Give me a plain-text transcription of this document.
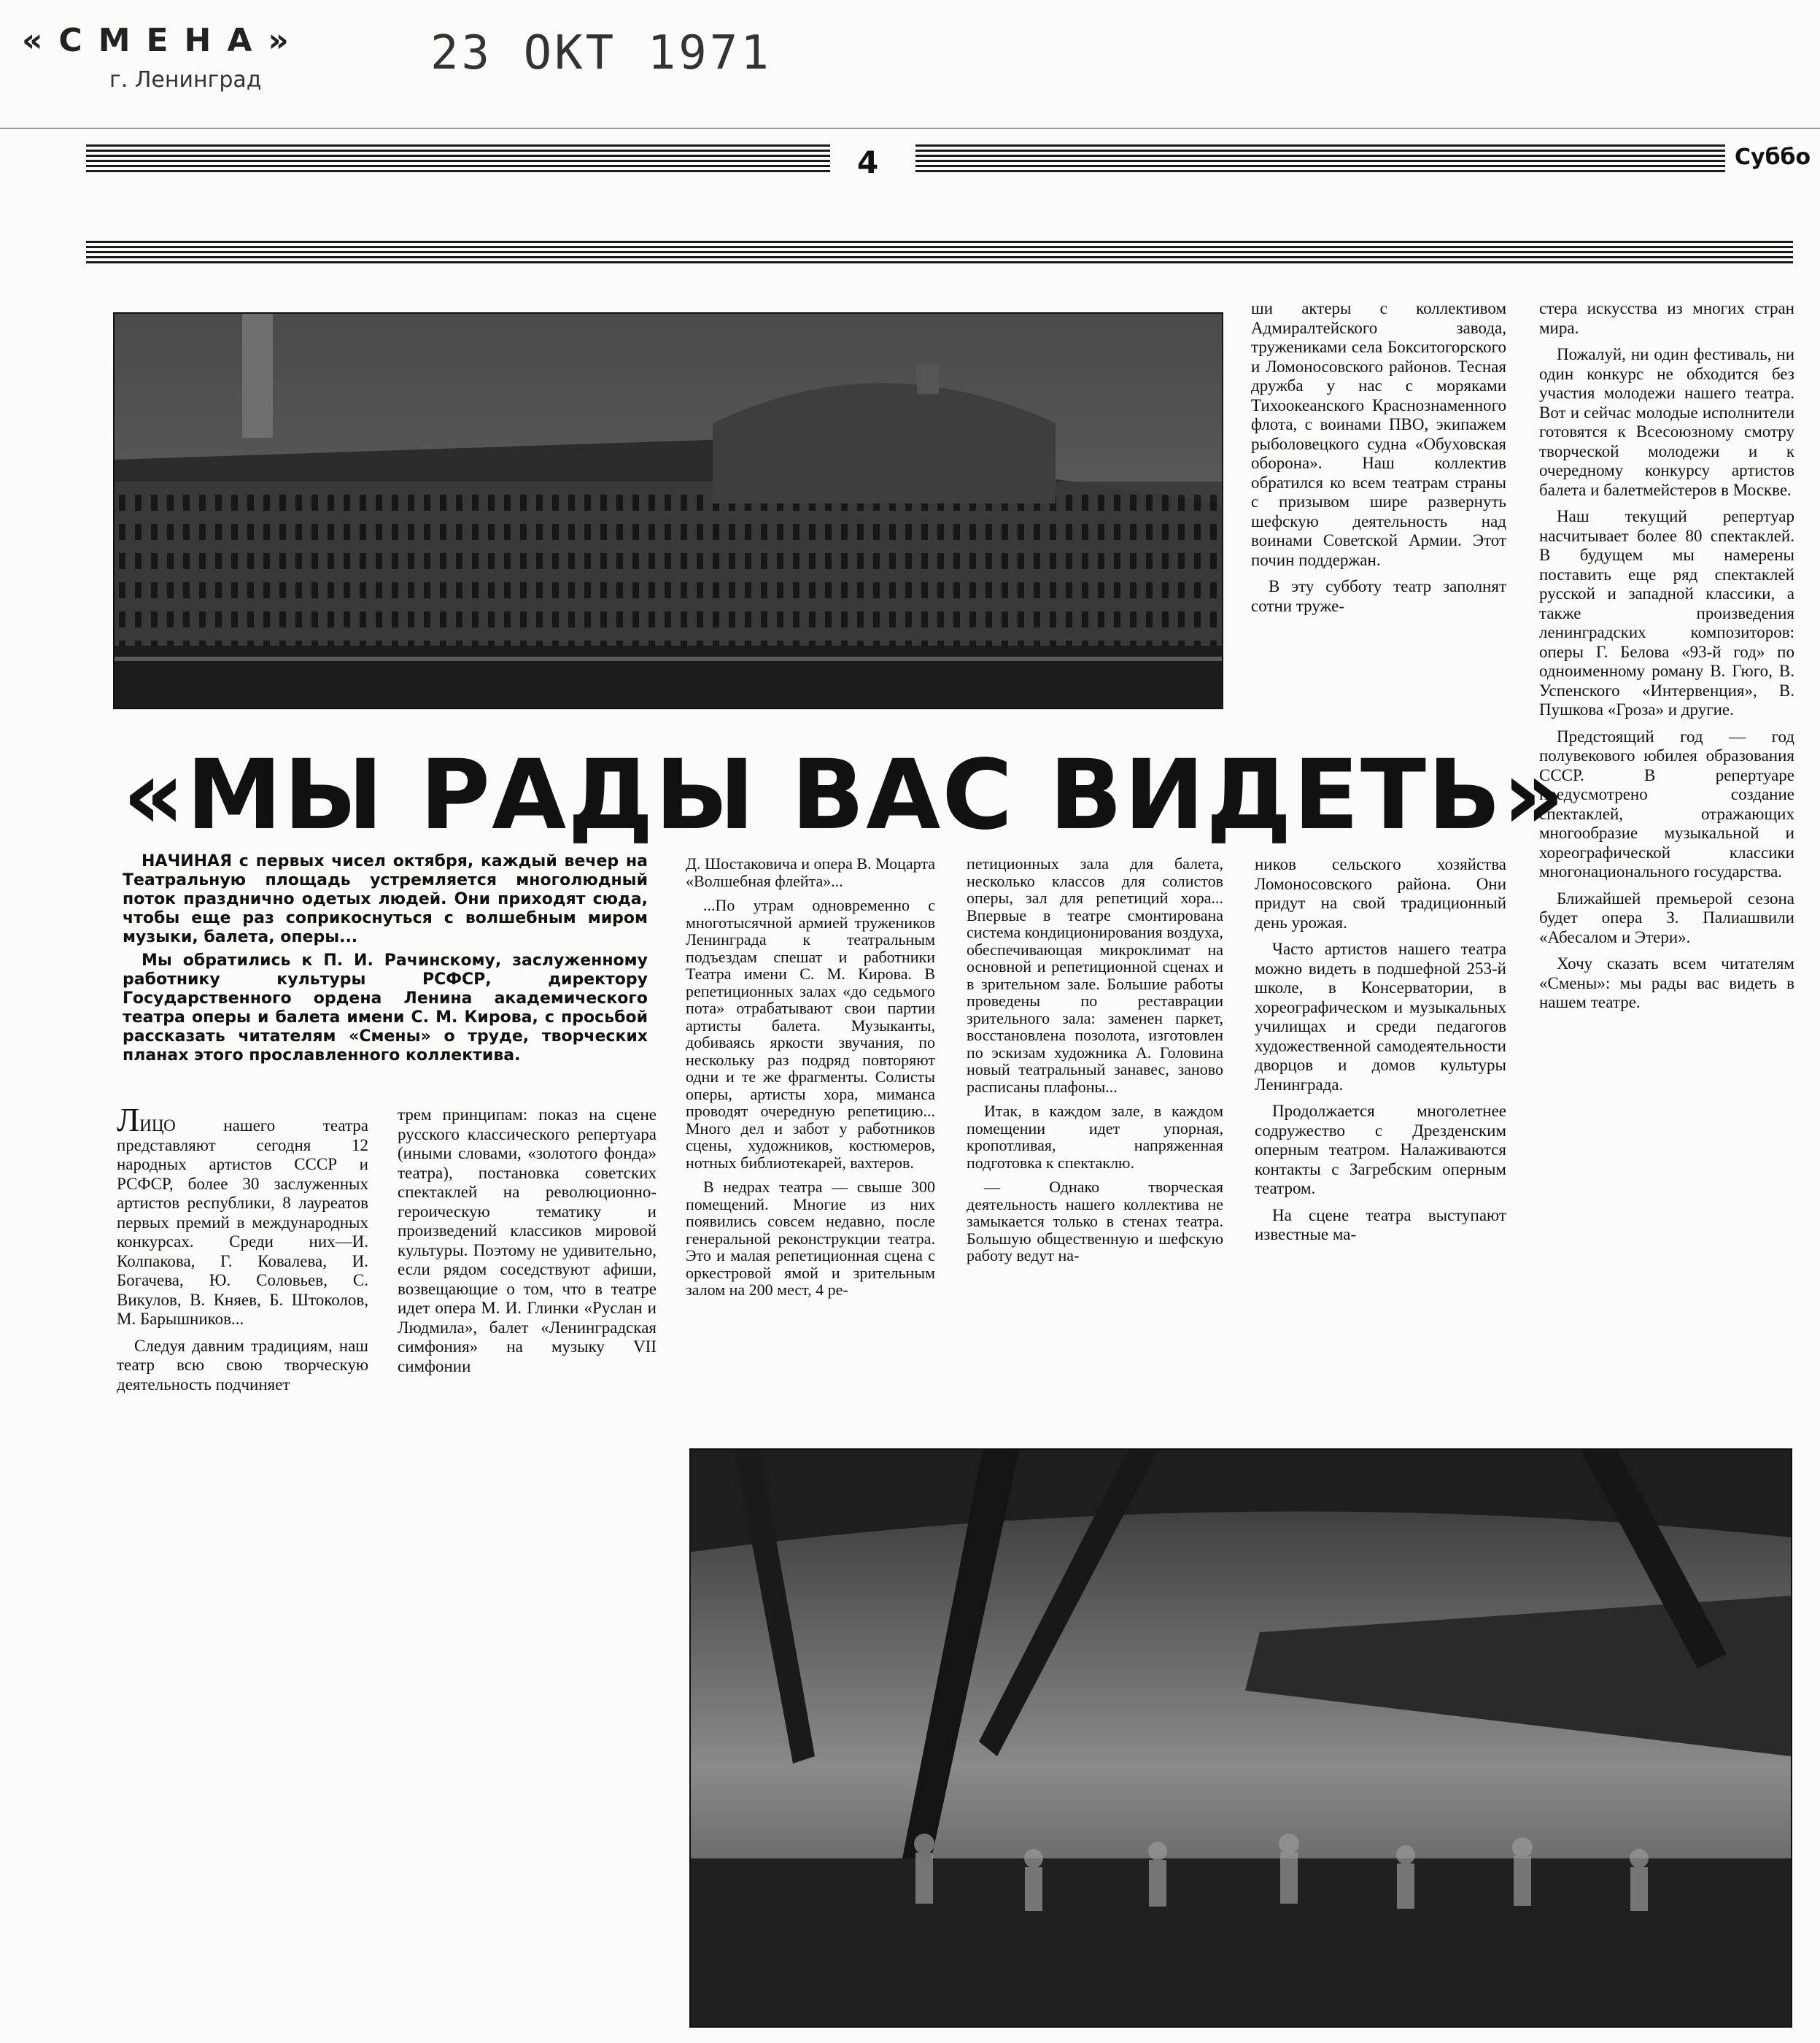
«СМЕНА»
г. Ленинград	23 ОКТ 1971
4	Суббо
«МЫ РАДЫ ВАС ВИДЕТЬ»

НАЧИНАЯ с первых чисел октября, каждый вечер на Театральную площадь устремляется многолюдный поток празднично одетых людей. Они приходят сюда, чтобы еще раз соприкоснуться с волшебным миром музыки, балета, оперы...

Мы обратились к П. И. Рачинскому, заслуженному работнику культуры РСФСР, директору Государственного ордена Ленина академического театра оперы и балета имени С. М. Кирова, с просьбой рассказать читателям «Смены» о труде, творческих планах этого прославленного коллектива.

ЛИЦО нашего театра представляют сегодня 12 народных артистов СССР и РСФСР, более 30 заслуженных артистов республики, 8 лауреатов первых премий в международных конкурсах. Среди них—И. Колпакова, Г. Ковалева, И. Богачева, Ю. Соловьев, С. Викулов, В. Княев, Б. Штоколов, М. Барышников...

Следуя давним традициям, наш театр всю свою творческую деятельность подчиняет

трем принципам: показ на сцене русского классического репертуара (иными словами, «золотого фонда» театра), постановка советских спектаклей на революционно-героическую тематику и произведений классиков мировой культуры. Поэтому не удивительно, если рядом соседствуют афиши, возвещающие о том, что в театре идет опера М. И. Глинки «Руслан и Людмила», балет «Ленинградская симфония» на музыку VII симфонии

Д. Шостаковича и опера В. Моцарта «Волшебная флейта»...

...По утрам одновременно с многотысячной армией тружеников Ленинграда к театральным подъездам спешат и работники Театра имени С. М. Кирова. В репетиционных залах «до седьмого пота» отрабатывают свои партии артисты балета. Музыканты, добиваясь яркости звучания, по нескольку раз подряд повторяют одни и те же фрагменты. Солисты оперы, артисты хора, миманса проводят очередную репетицию... Много дел и забот у работников сцены, художников, костюмеров, нотных библиотекарей, вахтеров.

В недрах театра — свыше 300 помещений. Многие из них появились совсем недавно, после генеральной реконструкции театра. Это и малая репетиционная сцена с оркестровой ямой и зрительным залом на 200 мест, 4 ре-

петиционных зала для балета, несколько классов для солистов оперы, зал для репетиций хора... Впервые в театре смонтирована система кондиционирования воздуха, обеспечивающая микроклимат на основной и репетиционной сценах и в зрительном зале. Большие работы проведены по реставрации зрительного зала: заменен паркет, восстановлена позолота, изготовлен по эскизам художника А. Головина новый театральный занавес, заново расписаны плафоны...

Итак, в каждом зале, в каждом помещении идет упорная, кропотливая, напряженная подготовка к спектаклю.

— Однако творческая деятельность нашего коллектива не замыкается только в стенах театра. Большую общественную и шефскую работу ведут на-

ши актеры с коллективом Адмиралтейского завода, тружениками села Бокситогорского и Ломоносовского районов. Тесная дружба у нас с моряками Тихоокеанского Краснознаменного флота, с воинами ПВО, экипажем рыболовецкого судна «Обуховская оборона». Наш коллектив обратился ко всем театрам страны с призывом шире развернуть шефскую деятельность над воинами Советской Армии. Этот почин поддержан.

В эту субботу театр заполнят сотни труже-

ников сельского хозяйства Ломоносовского района. Они придут на свой традиционный день урожая.

Часто артистов нашего театра можно видеть в подшефной 253-й школе, в Консерватории, в хореографическом и музыкальных училищах и среди педагогов художественной самодеятельности дворцов и домов культуры Ленинграда.

Продолжается многолетнее содружество с Дрезденским оперным театром. Налаживаются контакты с Загребским оперным театром.

На сцене театра выступают известные ма-

стера искусства из многих стран мира.

Пожалуй, ни один фестиваль, ни один конкурс не обходится без участия молодежи нашего театра. Вот и сейчас молодые исполнители готовятся к Всесоюзному смотру творческой молодежи и к очередному конкурсу артистов балета и балетмейстеров в Москве.

Наш текущий репертуар насчитывает более 80 спектаклей. В будущем мы намерены поставить еще ряд спектаклей русской и западной классики, а также произведения ленинградских композиторов: оперы Г. Белова «93-й год» по одноименному роману В. Гюго, В. Успенского «Интервенция», В. Пушкова «Гроза» и другие.

Предстоящий год — год полувекового юбилея образования СССР. В репертуаре предусмотрено создание спектаклей, отражающих многообразие музыкальной и хореографической классики многонационального государства.

Ближайшей премьерой сезона будет опера З. Палиашвили «Абесалом и Этери».

Хочу сказать всем читателям «Смены»: мы рады вас видеть в нашем театре.
